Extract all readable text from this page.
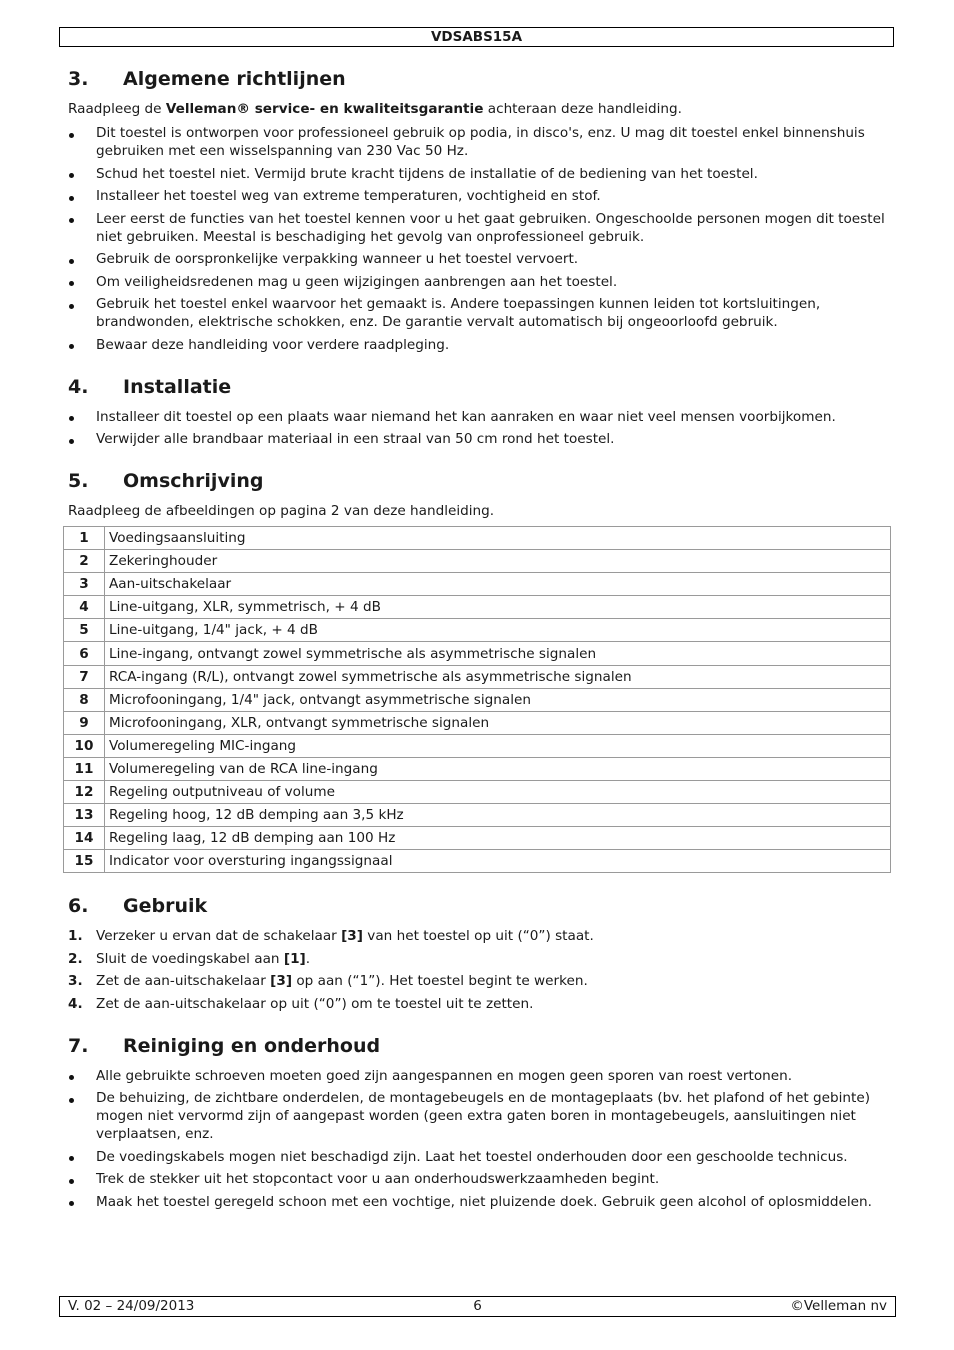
VDSABS15A
3.	Algemene richtlijnen

Raadpleeg de Velleman® service- en kwaliteitsgarantie achteraan deze handleiding.

Dit toestel is ontworpen voor professioneel gebruik op podia, in disco's, enz. U mag dit toestel enkel binnenshuis gebruiken met een wisselspanning van 230 Vac 50 Hz.
Schud het toestel niet. Vermijd brute kracht tijdens de installatie of de bediening van het toestel.
Installeer het toestel weg van extreme temperaturen, vochtigheid en stof.
Leer eerst de functies van het toestel kennen voor u het gaat gebruiken. Ongeschoolde personen mogen dit toestel niet gebruiken. Meestal is beschadiging het gevolg van onprofessioneel gebruik.
Gebruik de oorspronkelijke verpakking wanneer u het toestel vervoert.
Om veiligheidsredenen mag u geen wijzigingen aanbrengen aan het toestel.
Gebruik het toestel enkel waarvoor het gemaakt is. Andere toepassingen kunnen leiden tot kortsluitingen, brandwonden, elektrische schokken, enz. De garantie vervalt automatisch bij ongeoorloofd gebruik.
Bewaar deze handleiding voor verdere raadpleging.
4.	Installatie
Installeer dit toestel op een plaats waar niemand het kan aanraken en waar niet veel mensen voorbijkomen.
Verwijder alle brandbaar materiaal in een straal van 50 cm rond het toestel.
5.	Omschrijving

Raadpleeg de afbeeldingen op pagina 2 van deze handleiding.

1	Voedingsaansluiting
2	Zekeringhouder
3	Aan-uitschakelaar
4	Line-uitgang, XLR, symmetrisch, + 4 dB
5	Line-uitgang, 1/4" jack, + 4 dB
6	Line-ingang, ontvangt zowel symmetrische als asymmetrische signalen
7	RCA-ingang (R/L), ontvangt zowel symmetrische als asymmetrische signalen
8	Microfooningang, 1/4" jack, ontvangt asymmetrische signalen
9	Microfooningang, XLR, ontvangt symmetrische signalen
10	Volumeregeling MIC-ingang
11	Volumeregeling van de RCA line-ingang
12	Regeling outputniveau of volume
13	Regeling hoog, 12 dB demping aan 3,5 kHz
14	Regeling laag, 12 dB demping aan 100 Hz
15	Indicator voor oversturing ingangssignaal
6.	Gebruik
1. Verzeker u ervan dat de schakelaar [3] van het toestel op uit (“0”) staat.
2. Sluit de voedingskabel aan [1].
3. Zet de aan-uitschakelaar [3] op aan (“1”). Het toestel begint te werken.
4. Zet de aan-uitschakelaar op uit (“0”) om te toestel uit te zetten.
7.	Reiniging en onderhoud
Alle gebruikte schroeven moeten goed zijn aangespannen en mogen geen sporen van roest vertonen.
De behuizing, de zichtbare onderdelen, de montagebeugels en de montageplaats (bv. het plafond of het gebinte) mogen niet vervormd zijn of aangepast worden (geen extra gaten boren in montagebeugels, aansluitingen niet verplaatsen, enz.
De voedingskabels mogen niet beschadigd zijn. Laat het toestel onderhouden door een geschoolde technicus.
Trek de stekker uit het stopcontact voor u aan onderhoudswerkzaamheden begint.
Maak het toestel geregeld schoon met een vochtige, niet pluizende doek. Gebruik geen alcohol of oplosmiddelen.
V. 02 – 24/09/2013	6	©Velleman nv
